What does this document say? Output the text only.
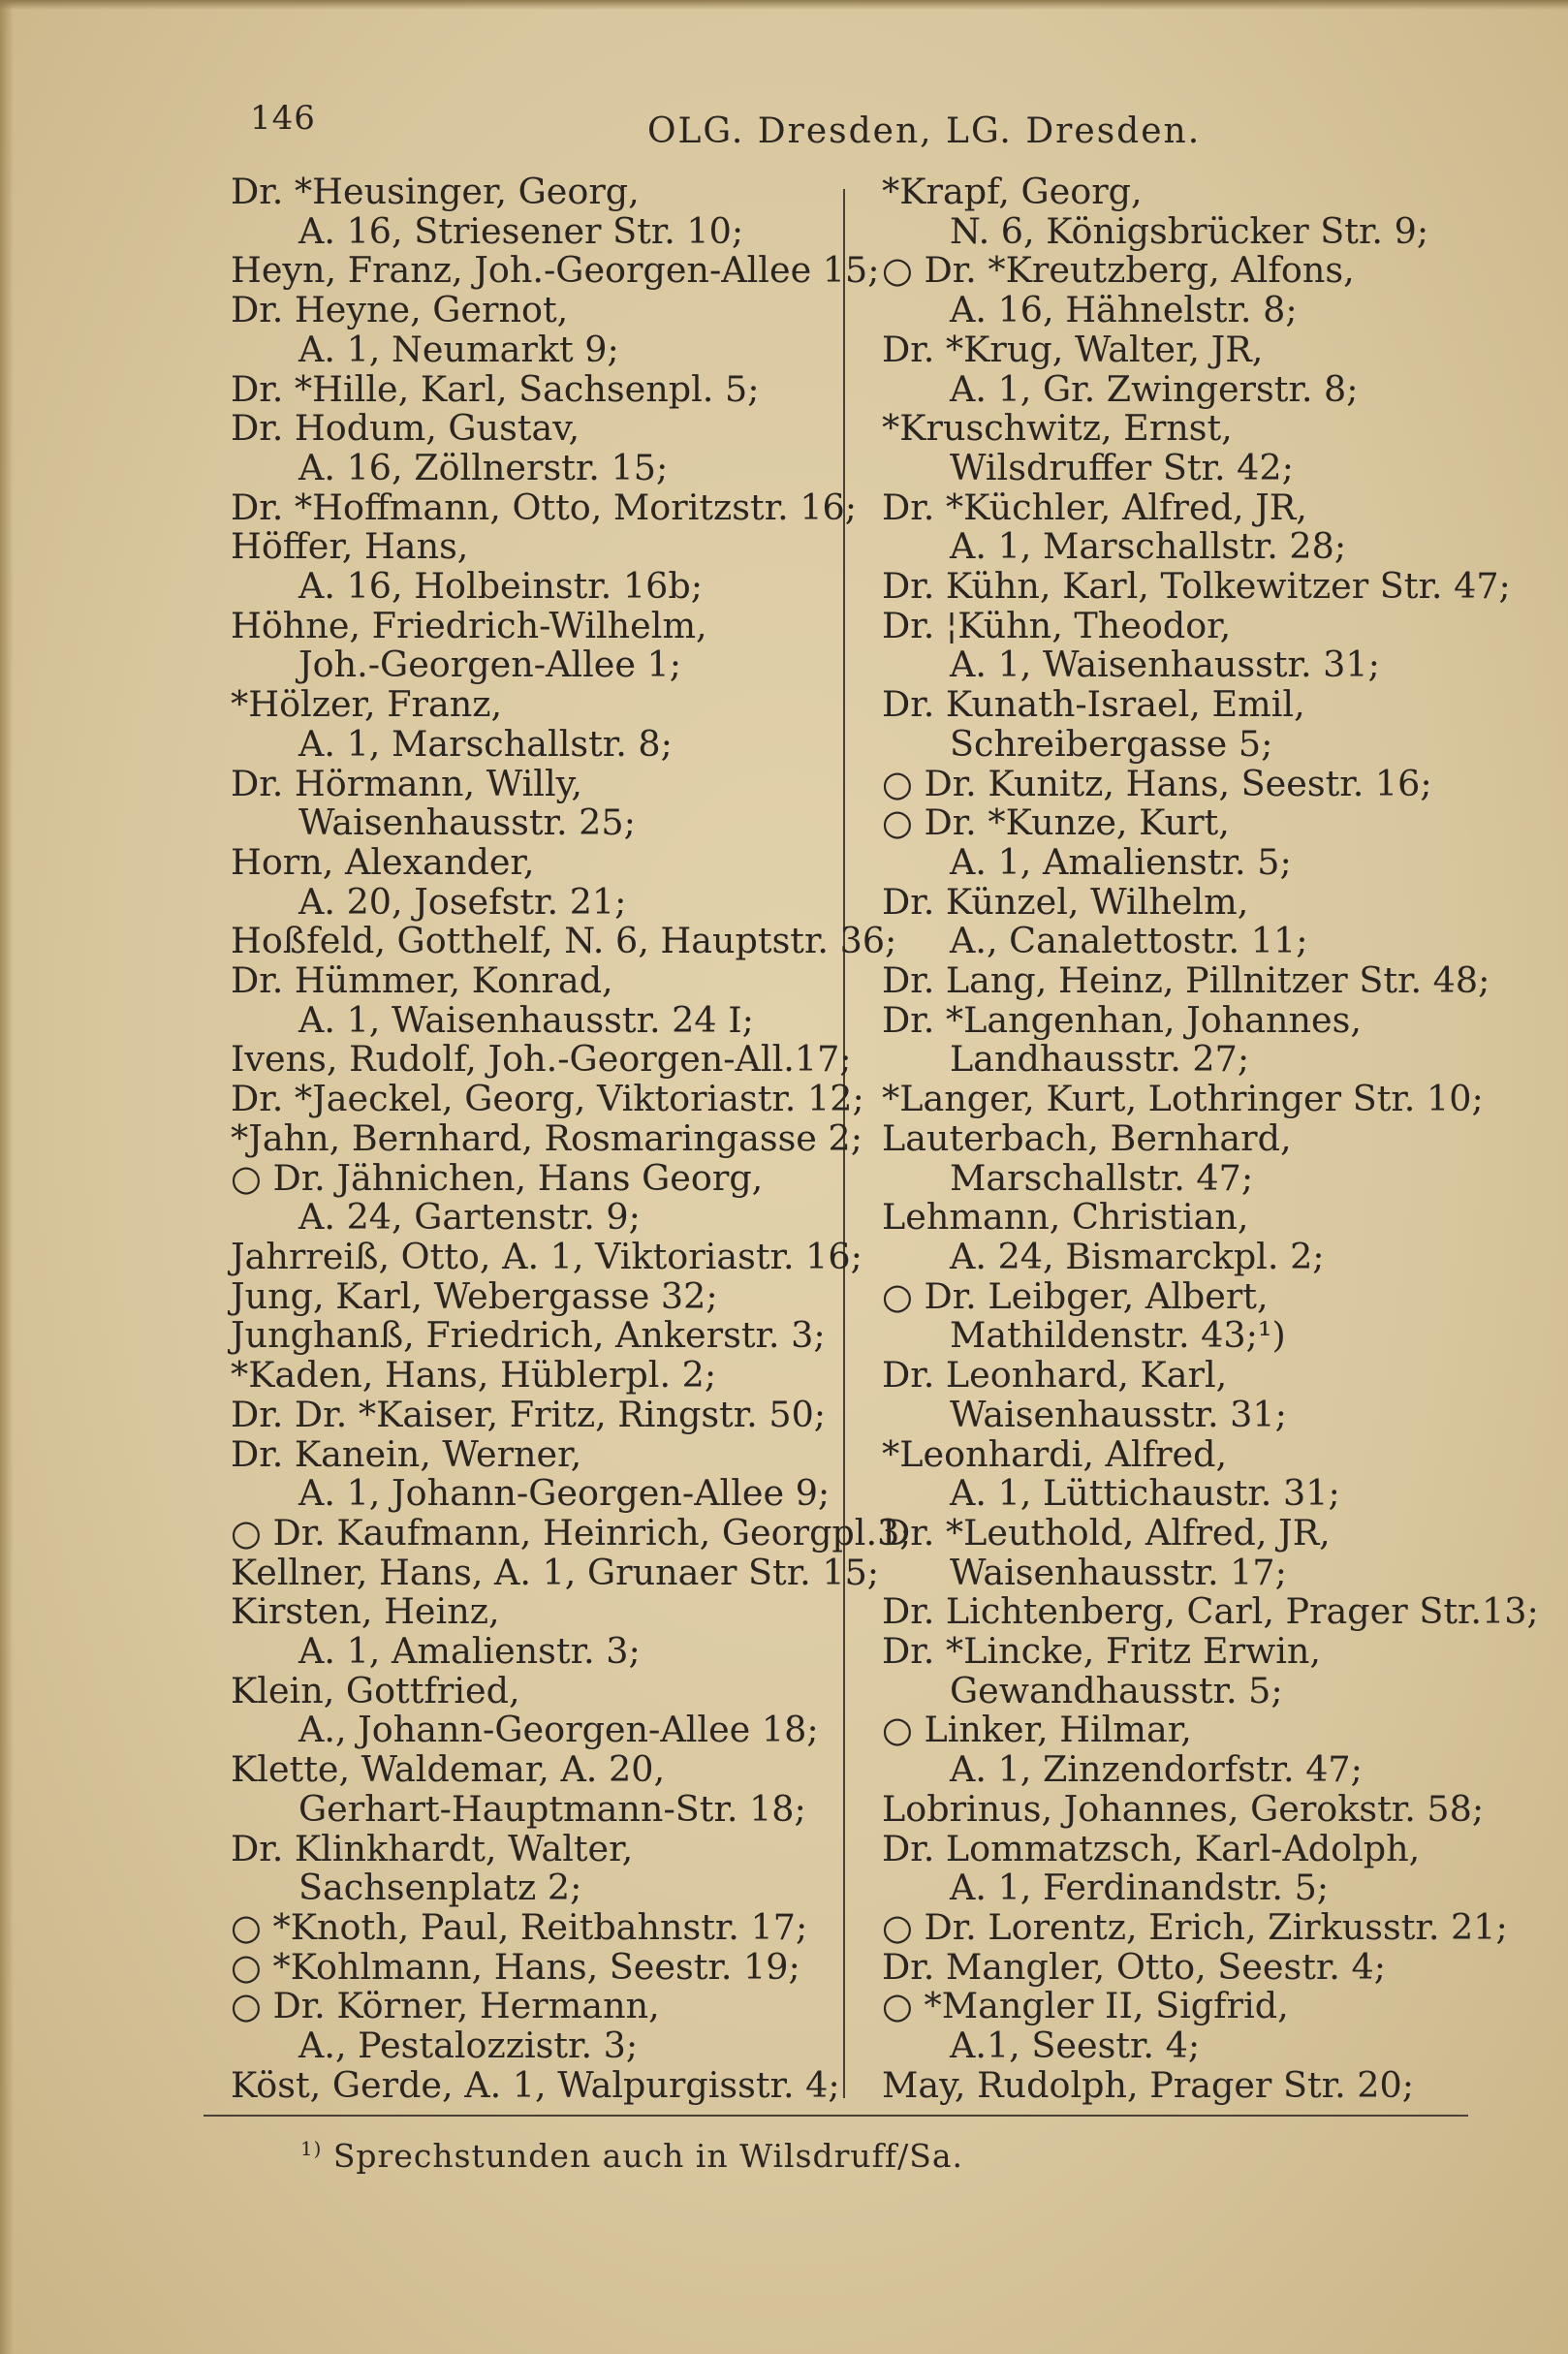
146	OLG. Dresden, LG. Dresden.
Dr. *Heusinger, Georg,
A. 16, Striesener Str. 10;
Heyn, Franz, Joh.-Georgen-Allee 15;
Dr. Heyne, Gernot,
A. 1, Neumarkt 9;
Dr. *Hille, Karl, Sachsenpl. 5;
Dr. Hodum, Gustav,
A. 16, Zöllnerstr. 15;
Dr. *Hoffmann, Otto, Moritzstr. 16;
Höffer, Hans,
A. 16, Holbeinstr. 16b;
Höhne, Friedrich-Wilhelm,
Joh.-Georgen-Allee 1;
*Hölzer, Franz,
A. 1, Marschallstr. 8;
Dr. Hörmann, Willy,
Waisenhausstr. 25;
Horn, Alexander,
A. 20, Josefstr. 21;
Hoßfeld, Gotthelf, N. 6, Hauptstr. 36;
Dr. Hümmer, Konrad,
A. 1, Waisenhausstr. 24 I;
Ivens, Rudolf, Joh.-Georgen-All.17;
Dr. *Jaeckel, Georg, Viktoriastr. 12;
*Jahn, Bernhard, Rosmaringasse 2;
○ Dr. Jähnichen, Hans Georg,
A. 24, Gartenstr. 9;
Jahrreiß, Otto, A. 1, Viktoriastr. 16;
Jung, Karl, Webergasse 32;
Junghanß, Friedrich, Ankerstr. 3;
*Kaden, Hans, Hüblerpl. 2;
Dr. Dr. *Kaiser, Fritz, Ringstr. 50;
Dr. Kanein, Werner,
A. 1, Johann-Georgen-Allee 9;
○ Dr. Kaufmann, Heinrich, Georgpl.3;
Kellner, Hans, A. 1, Grunaer Str. 15;
Kirsten, Heinz,
A. 1, Amalienstr. 3;
Klein, Gottfried,
A., Johann-Georgen-Allee 18;
Klette, Waldemar, A. 20,
Gerhart-Hauptmann-Str. 18;
Dr. Klinkhardt, Walter,
Sachsenplatz 2;
○ *Knoth, Paul, Reitbahnstr. 17;
○ *Kohlmann, Hans, Seestr. 19;
○ Dr. Körner, Hermann,
A., Pestalozzistr. 3;
Köst, Gerde, A. 1, Walpurgisstr. 4;
*Krapf, Georg,
N. 6, Königsbrücker Str. 9;
○ Dr. *Kreutzberg, Alfons,
A. 16, Hähnelstr. 8;
Dr. *Krug, Walter, JR,
A. 1, Gr. Zwingerstr. 8;
*Kruschwitz, Ernst,
Wilsdruffer Str. 42;
Dr. *Küchler, Alfred, JR,
A. 1, Marschallstr. 28;
Dr. Kühn, Karl, Tolkewitzer Str. 47;
Dr. ¦Kühn, Theodor,
A. 1, Waisenhausstr. 31;
Dr. Kunath-Israel, Emil,
Schreibergasse 5;
○ Dr. Kunitz, Hans, Seestr. 16;
○ Dr. *Kunze, Kurt,
A. 1, Amalienstr. 5;
Dr. Künzel, Wilhelm,
A., Canalettostr. 11;
Dr. Lang, Heinz, Pillnitzer Str. 48;
Dr. *Langenhan, Johannes,
Landhausstr. 27;
*Langer, Kurt, Lothringer Str. 10;
Lauterbach, Bernhard,
Marschallstr. 47;
Lehmann, Christian,
A. 24, Bismarckpl. 2;
○ Dr. Leibger, Albert,
Mathildenstr. 43;¹)
Dr. Leonhard, Karl,
Waisenhausstr. 31;
*Leonhardi, Alfred,
A. 1, Lüttichaustr. 31;
Dr. *Leuthold, Alfred, JR,
Waisenhausstr. 17;
Dr. Lichtenberg, Carl, Prager Str.13;
Dr. *Lincke, Fritz Erwin,
Gewandhausstr. 5;
○ Linker, Hilmar,
A. 1, Zinzendorfstr. 47;
Lobrinus, Johannes, Gerokstr. 58;
Dr. Lommatzsch, Karl-Adolph,
A. 1, Ferdinandstr. 5;
○ Dr. Lorentz, Erich, Zirkusstr. 21;
Dr. Mangler, Otto, Seestr. 4;
○ *Mangler II, Sigfrid,
A.1, Seestr. 4;
May, Rudolph, Prager Str. 20;
$^{1)}$ Sprechstunden auch in Wilsdruff/Sa.
